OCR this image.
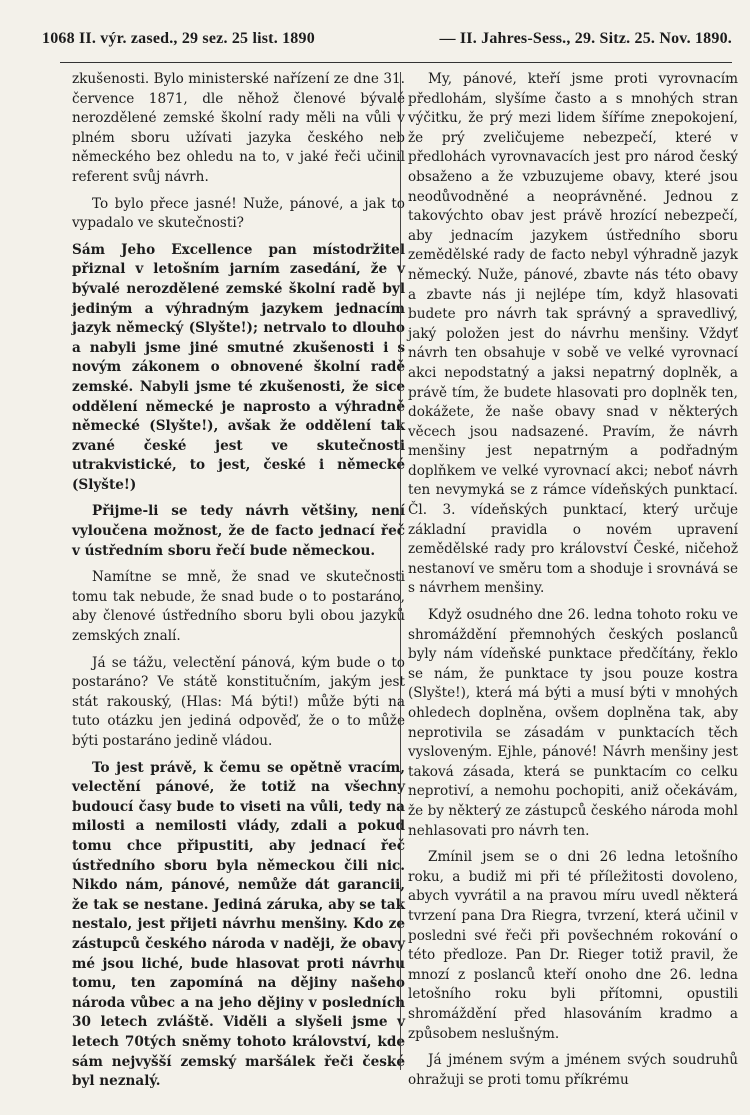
1068 II. výr. zased., 29 sez. 25 list. 1890	— II. Jahres-Sess., 29. Sitz. 25. Nov. 1890.

zkušenosti. Bylo ministerské nařízení ze dne 31. července 1871, dle něhož členové bývalé nerozdělené zemské školní rady měli na vůli v plném sboru užívati jazyka českého neb německého bez ohledu na to, v jaké řeči učinil referent svůj návrh.

To bylo přece jasné! Nuže, pánové, a jak to vypadalo ve skutečnosti?

Sám Jeho Excellence pan místodržitel přiznal v letošním jarním zasedání, že v bývalé nerozdělené zemské školní radě byl jediným a výhradným jazykem jednacím jazyk německý (Slyšte!); netrvalo to dlouho a nabyli jsme jiné smutné zkušenosti i s novým zákonem o obnovené školní radě zemské. Nabyli jsme té zkušenosti, že sice oddělení německé je naprosto a výhradně německé (Slyšte!), avšak že oddělení tak zvané české jest ve skutečnosti utrakvistické, to jest, české i německé (Slyšte!)

Přijme-li se tedy návrh většiny, není vyloučena možnost, že de facto jednací řeč v ústředním sboru řečí bude německou.

Namítne se mně, že snad ve skutečnosti tomu tak nebude, že snad bude o to postaráno, aby členové ústředního sboru byli obou jazyků zemských znalí.

Já se tážu, velectění pánová, kým bude o to postaráno? Ve státě konstitučním, jakým jest stát rakouský, (Hlas: Má býti!) může býti na tuto otázku jen jediná odpověď, že o to může býti postaráno jedině vládou.

To jest právě, k čemu se opětně vracím, velectění pánové, že totiž na všechny budoucí časy bude to viseti na vůli, tedy na milosti a nemilosti vlády, zdali a pokud tomu chce připustiti, aby jednací řeč ústředního sboru byla německou čili nic. Nikdo nám, pánové, nemůže dát garancii, že tak se nestane. Jediná záruka, aby se tak nestalo, jest přijeti návrhu menšiny. Kdo ze zástupců českého národa v naději, že obavy mé jsou liché, bude hlasovat proti návrhu tomu, ten zapomíná na dějiny našeho národa vůbec a na jeho dějiny v posledních 30 letech zvláště. Viděli a slyšeli jsme v letech 70tých sněmy tohoto království, kde sám nejvyšší zemský maršálek řeči české byl neznalý.

My, pánové, kteří jsme proti vyrovnacím předlohám, slyšíme často a s mnohých stran výčitku, že prý mezi lidem šíříme znepokojení, že prý zveličujeme nebezpečí, které v předlohách vyrovnavacích jest pro národ český obsaženo a že vzbuzujeme obavy, které jsou neodůvodněné a neoprávněné. Jednou z takovýchto obav jest právě hrozící nebezpečí, aby jednacím jazykem ústředního sboru zemědělské rady de facto nebyl výhradně jazyk německý. Nuže, pánové, zbavte nás této obavy a zbavte nás ji nejlépe tím, když hlasovati budete pro návrh tak správný a spravedlivý, jaký položen jest do návrhu menšiny. Vždyť návrh ten obsahuje v sobě ve velké vyrovnací akci nepodstatný a jaksi nepatrný doplněk, a právě tím, že budete hlasovati pro doplněk ten, dokážete, že naše obavy snad v některých věcech jsou nadsazené. Pravím, že návrh menšiny jest nepatrným a podřadným doplňkem ve velké vyrovnací akci; neboť návrh ten nevymyká se z rámce vídeňských punktací. Čl. 3. vídeňských punktací, který určuje základní pravidla o novém upravení zemědělské rady pro království České, ničehož nestanoví ve směru tom a shoduje i srovnává se s návrhem menšiny.

Když osudného dne 26. ledna tohoto roku ve shromáždění přemnohých českých poslanců byly nám vídeňské punktace předčítány, řeklo se nám, že punktace ty jsou pouze kostra (Slyšte!), která má býti a musí býti v mnohých ohledech doplněna, ovšem doplněna tak, aby neprotivila se zásadám v punktacích těch vysloveným. Ejhle, pánové! Návrh menšiny jest taková zásada, která se punktacím co celku neprotiví, a nemohu pochopiti, aniž očekávám, že by některý ze zástupců českého národa mohl nehlasovati pro návrh ten.

Zmínil jsem se o dni 26 ledna letošního roku, a budiž mi při té příležitosti dovoleno, abych vyvrátil a na pravou míru uvedl některá tvrzení pana Dra Riegra, tvrzení, která učinil v posledni své řeči při povšechném rokování o této předloze. Pan Dr. Rieger totiž pravil, že mnozí z poslanců kteří onoho dne 26. ledna letošního roku byli přítomni, opustili shromáždění před hlasováním kradmo a způsobem neslušným.

Já jménem svým a jménem svých soudruhů ohražuji se proti tomu příkrému
